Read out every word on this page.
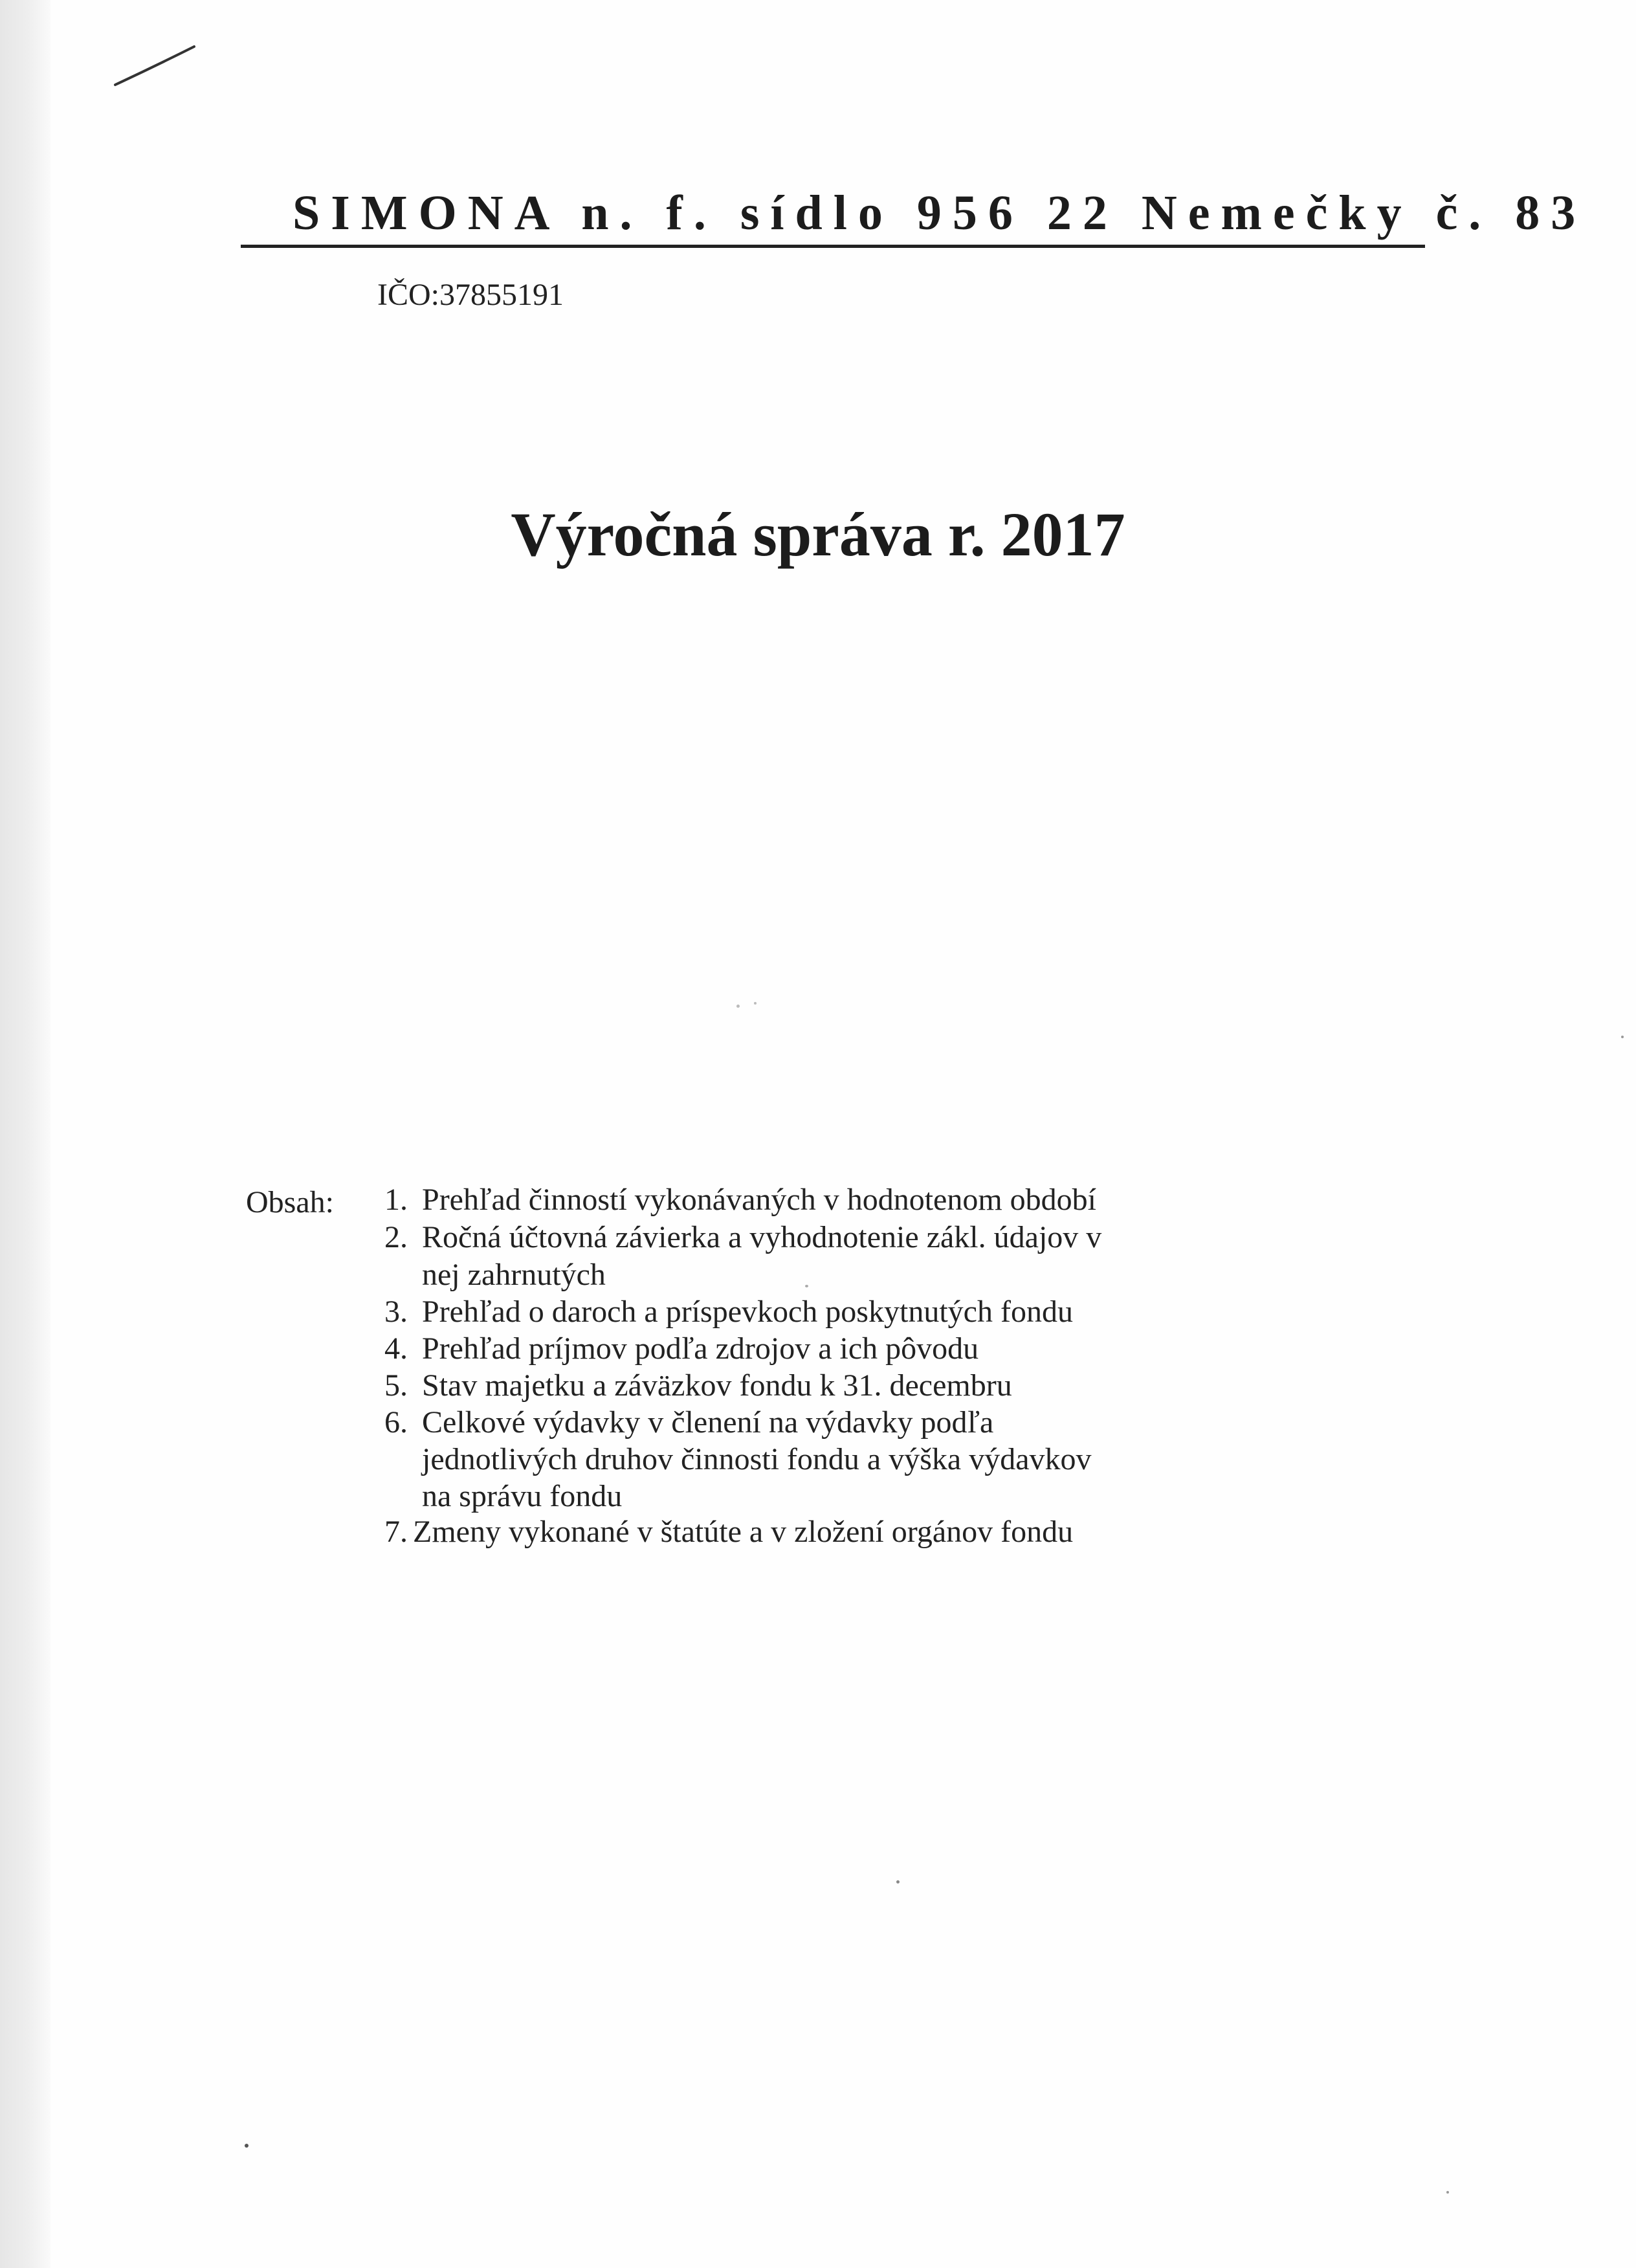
SIMONA n. f. sídlo 956 22 Nemečky č. 83
IČO:37855191
Výročná správa r. 2017
Obsah:	1. Prehľad činností vykonávaných v hodnotenom období
2. Ročná účtovná závierka a vyhodnotenie zákl. údajov v
nej zahrnutých
3. Prehľad o daroch a príspevkoch poskytnutých fondu
4. Prehľad príjmov podľa zdrojov a ich pôvodu
5. Stav majetku a záväzkov fondu k 31. decembru
6. Celkové výdavky v členení na výdavky podľa
jednotlivých druhov činnosti fondu a výška výdavkov
na správu fondu
7. Zmeny vykonané v štatúte a v zložení orgánov fondu
